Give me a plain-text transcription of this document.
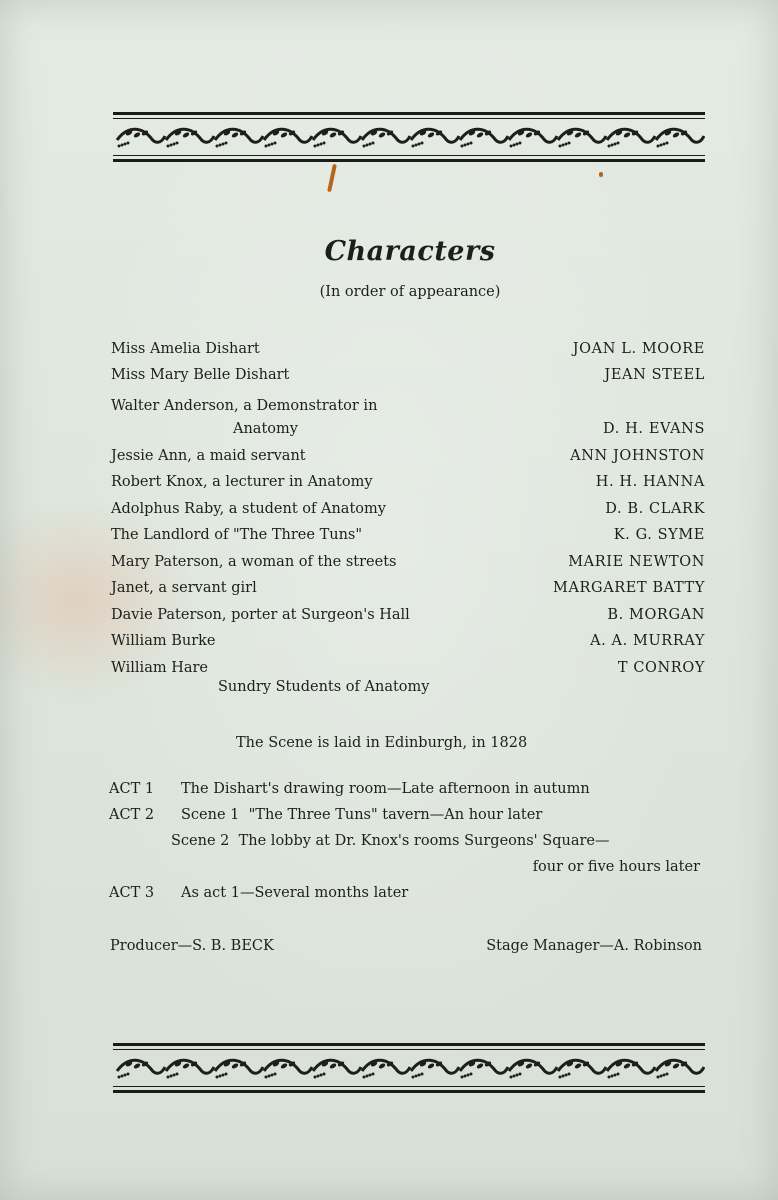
Characters
(In order of appearance)
Miss Amelia Dishart	JOAN L. MOORE
Miss Mary Belle Dishart	JEAN STEEL
Walter Anderson, a Demonstrator in
Anatomy	D. H. EVANS
Jessie Ann, a maid servant	ANN JOHNSTON
Robert Knox, a lecturer in Anatomy	H. H. HANNA
Adolphus Raby, a student of Anatomy	D. B. CLARK
The Landlord of "The Three Tuns"	K. G. SYME
Mary Paterson, a woman of the streets	MARIE NEWTON
Janet, a servant girl	MARGARET BATTY
Davie Paterson, porter at Surgeon's Hall	B. MORGAN
William Burke	A. A. MURRAY
William Hare	T CONROY
Sundry Students of Anatomy
The Scene is laid in Edinburgh, in 1828
ACT 1 The Dishart's drawing room—Late afternoon in autumn
ACT 2 Scene 1  "The Three Tuns" tavern—An hour later
Scene 2  The lobby at Dr. Knox's rooms Surgeons' Square—
four or five hours later
ACT 3 As act 1—Several months later
Producer—S. B. BECK	Stage Manager—A. Robinson
